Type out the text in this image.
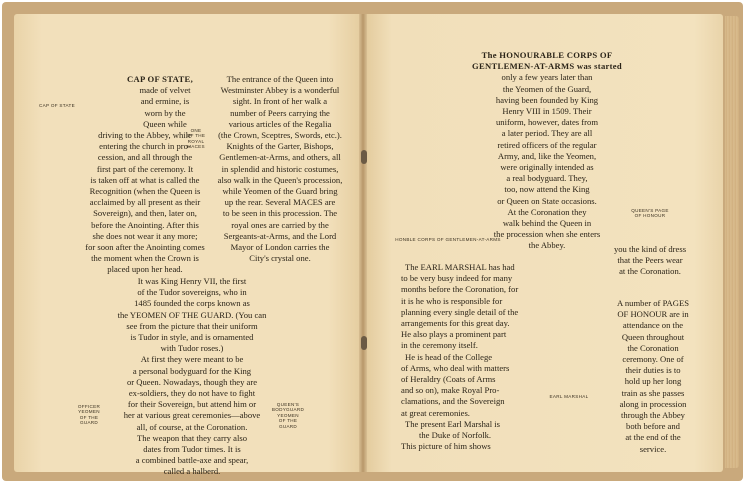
CAP OF STATE,
made of velvet
and ermine, is
worn by the
Queen while
driving to the Abbey, while
entering the church in pro-
cession, and all through the
first part of the ceremony. It
is taken off at what is called the
Recognition (when the Queen is
acclaimed by all present as their
Sovereign), and then, later on,
before the Anointing. After this
she does not wear it any more;
for soon after the Anointing comes
the moment when the Crown is
placed upon her head.
CAP OF STATE
ONE
OF THE
ROYAL
MACES
The entrance of the Queen into
Westminster Abbey is a wonderful
sight. In front of her walk a
number of Peers carrying the
various articles of the Regalia
(the Crown, Sceptres, Swords, etc.).
Knights of the Garter, Bishops,
Gentlemen-at-Arms, and others, all
in splendid and historic costumes,
also walk in the Queen's procession,
while Yeomen of the Guard bring
up the rear. Several MACES are
to be seen in this procession. The
royal ones are carried by the
Sergeants-at-Arms, and the Lord
Mayor of London carries the
City's crystal one.
It was King Henry VII, the first
of the Tudor sovereigns, who in
1485 founded the corps known as
the YEOMEN OF THE GUARD. (You can
see from the picture that their uniform
is Tudor in style, and is ornamented
with Tudor roses.)
At first they were meant to be
a personal bodyguard for the King
or Queen. Nowadays, though they are
ex-soldiers, they do not have to fight
for their Sovereign, but attend him or
her at various great ceremonies—above
all, of course, at the Coronation.
The weapon that they carry also
dates from Tudor times. It is
a combined battle-axe and spear,
called a halberd.
OFFICER
YEOMEN
OF THE
GUARD
QUEEN'S
BODYGUARD
YEOMEN
OF THE
GUARD
The HONOURABLE CORPS OF
GENTLEMEN-AT-ARMS was started
only a few years later than
the Yeomen of the Guard,
having been founded by King
Henry VIII in 1509. Their
uniform, however, dates from
a later period. They are all
retired officers of the regular
Army, and, like the Yeomen,
were originally intended as
a real bodyguard. They,
too, now attend the King
or Queen on State occasions.
At the Coronation they
walk behind the Queen in
the procession when she enters
the Abbey.
QUEEN'S PAGE
OF HONOUR
HONBLE CORPS OF GENTLEMEN-AT-ARMS
The EARL MARSHAL has had
to be very busy indeed for many
months before the Coronation, for
it is he who is responsible for
planning every single detail of the
arrangements for this great day.
He also plays a prominent part
in the ceremony itself.
He is head of the College
of Arms, who deal with matters
of Heraldry (Coats of Arms
and so on), make Royal Pro-
clamations, and the Sovereign
at great ceremonies.
The present Earl Marshal is
the Duke of Norfolk.
This picture of him shows
you the kind of dress
that the Peers wear
at the Coronation.
A number of PAGES
OF HONOUR are in
attendance on the
Queen throughout
the Coronation
ceremony. One of
their duties is to
hold up her long
train as she passes
along in procession
through the Abbey
both before and
at the end of the
service.
EARL MARSHAL
